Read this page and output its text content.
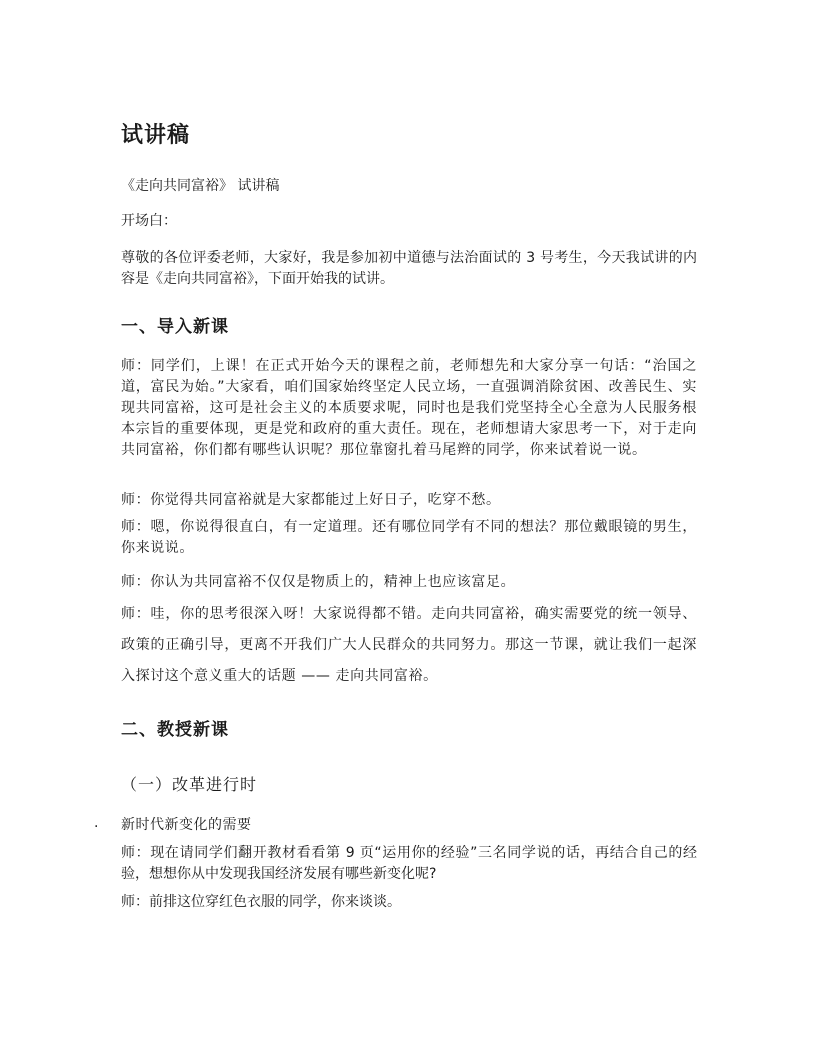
试讲稿
《走向共同富裕》 试讲稿
开场白：
尊敬的各位评委老师，大家好，我是参加初中道德与法治面试的 3 号考生，今天我试讲的内容是《走向共同富裕》，下面开始我的试讲。
一、导入新课
师：同学们，上课！在正式开始今天的课程之前，老师想先和大家分享一句话：“治国之道，富民为始。”大家看，咱们国家始终坚定人民立场，一直强调消除贫困、改善民生、实现共同富裕，这可是社会主义的本质要求呢，同时也是我们党坚持全心全意为人民服务根本宗旨的重要体现，更是党和政府的重大责任。现在，老师想请大家思考一下，对于走向共同富裕，你们都有哪些认识呢？那位靠窗扎着马尾辫的同学，你来试着说一说。
师：你觉得共同富裕就是大家都能过上好日子，吃穿不愁。
师：嗯，你说得很直白，有一定道理。还有哪位同学有不同的想法？那位戴眼镜的男生，你来说说。
师：你认为共同富裕不仅仅是物质上的，精神上也应该富足。
师：哇，你的思考很深入呀！大家说得都不错。走向共同富裕，确实需要党的统一领导、政策的正确引导，更离不开我们广大人民群众的共同努力。那这一节课，就让我们一起深入探讨这个意义重大的话题 —— 走向共同富裕。
二、教授新课
（一）改革进行时
. 新时代新变化的需要
师：现在请同学们翻开教材看看第 9 页“运用你的经验”三名同学说的话，再结合自己的经验，想想你从中发现我国经济发展有哪些新变化呢?
师：前排这位穿红色衣服的同学，你来谈谈。
